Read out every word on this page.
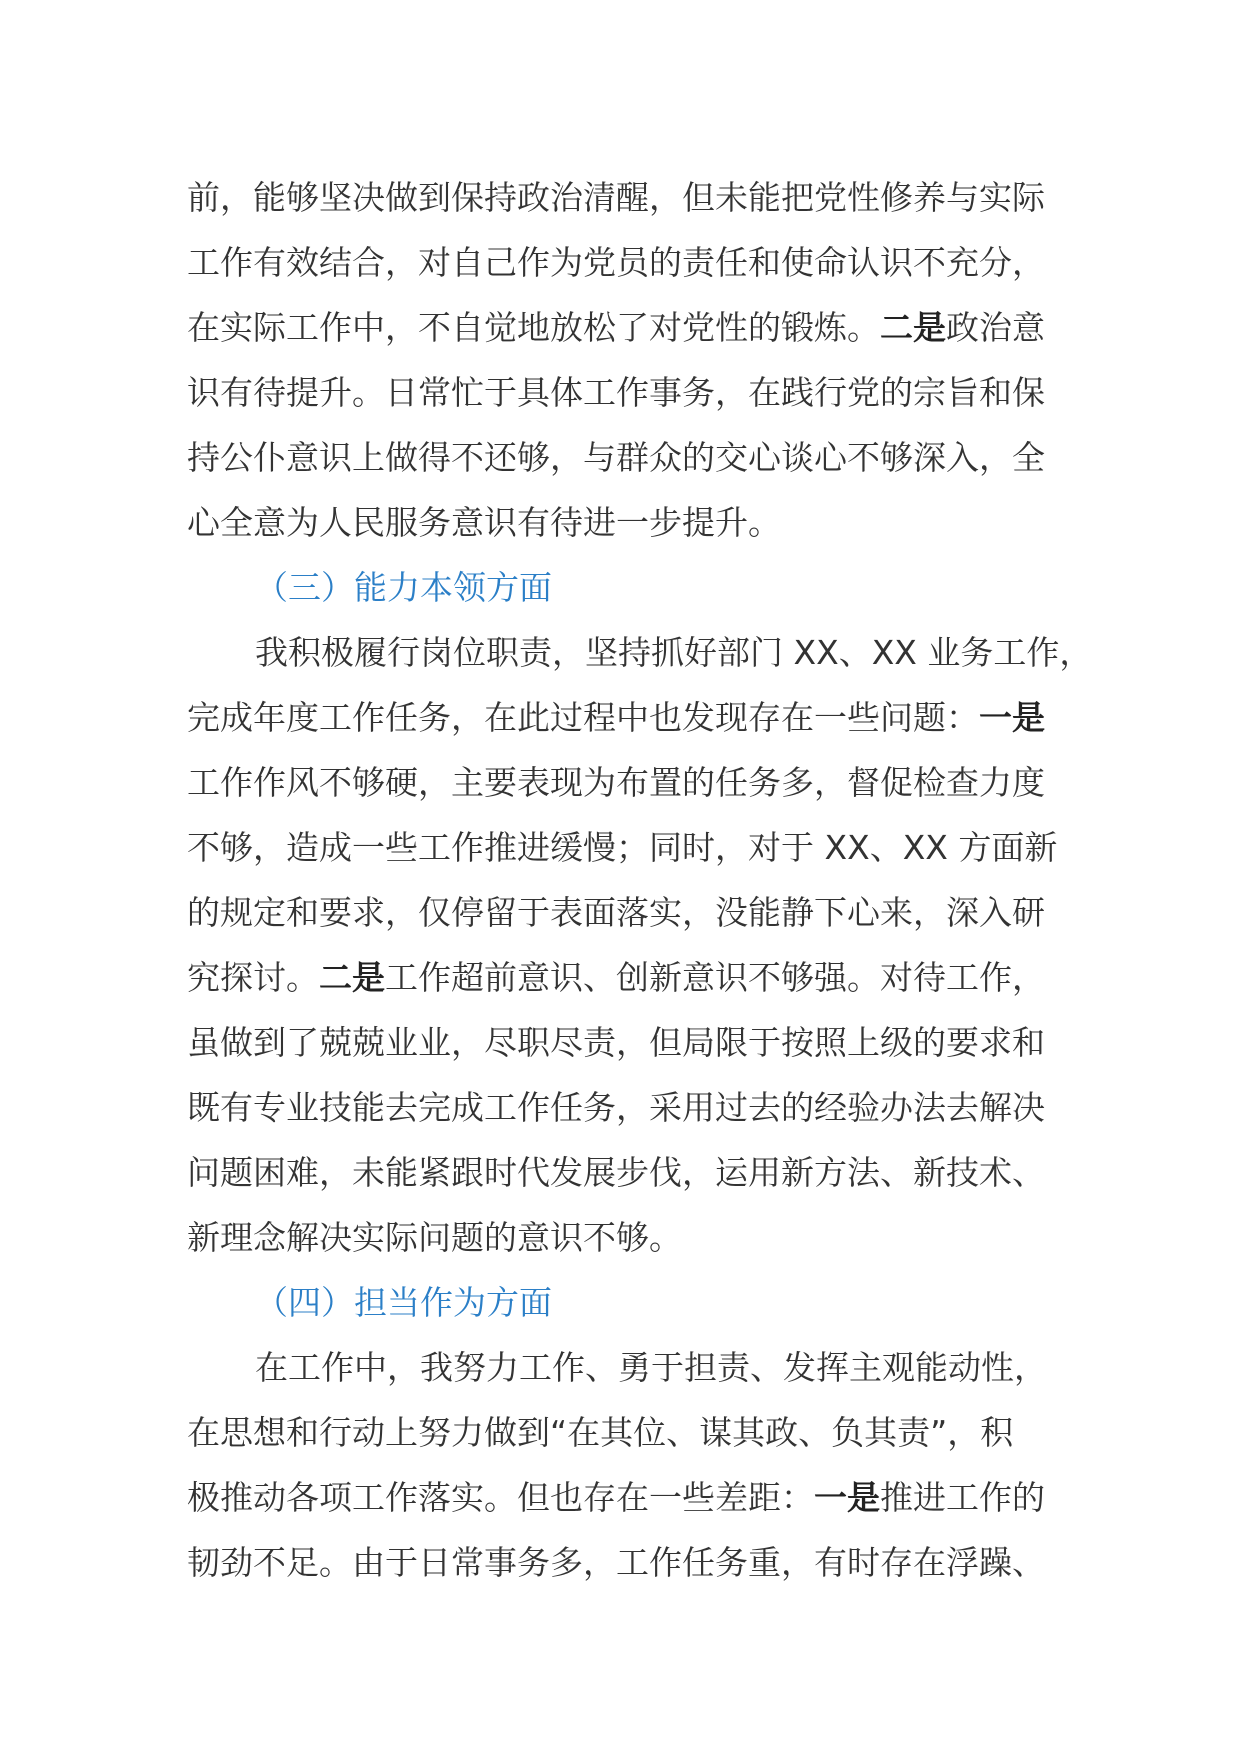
前，能够坚决做到保持政治清醒，但未能把党性修养与实际
工作有效结合，对自己作为党员的责任和使命认识不充分，
在实际工作中，不自觉地放松了对党性的锻炼。二是政治意
识有待提升。日常忙于具体工作事务，在践行党的宗旨和保
持公仆意识上做得不还够，与群众的交心谈心不够深入，全
心全意为人民服务意识有待进一步提升。
（三）能力本领方面
我积极履行岗位职责，坚持抓好部门 XX、XX 业务工作，
完成年度工作任务，在此过程中也发现存在一些问题：一是
工作作风不够硬，主要表现为布置的任务多，督促检查力度
不够，造成一些工作推进缓慢；同时，对于 XX、XX 方面新
的规定和要求，仅停留于表面落实，没能静下心来，深入研
究探讨。二是工作超前意识、创新意识不够强。对待工作，
虽做到了兢兢业业，尽职尽责，但局限于按照上级的要求和
既有专业技能去完成工作任务，采用过去的经验办法去解决
问题困难，未能紧跟时代发展步伐，运用新方法、新技术、
新理念解决实际问题的意识不够。
（四）担当作为方面
在工作中，我努力工作、勇于担责、发挥主观能动性，
在思想和行动上努力做到“在其位、谋其政、负其责”，积
极推动各项工作落实。但也存在一些差距：一是推进工作的
韧劲不足。由于日常事务多，工作任务重，有时存在浮躁、
